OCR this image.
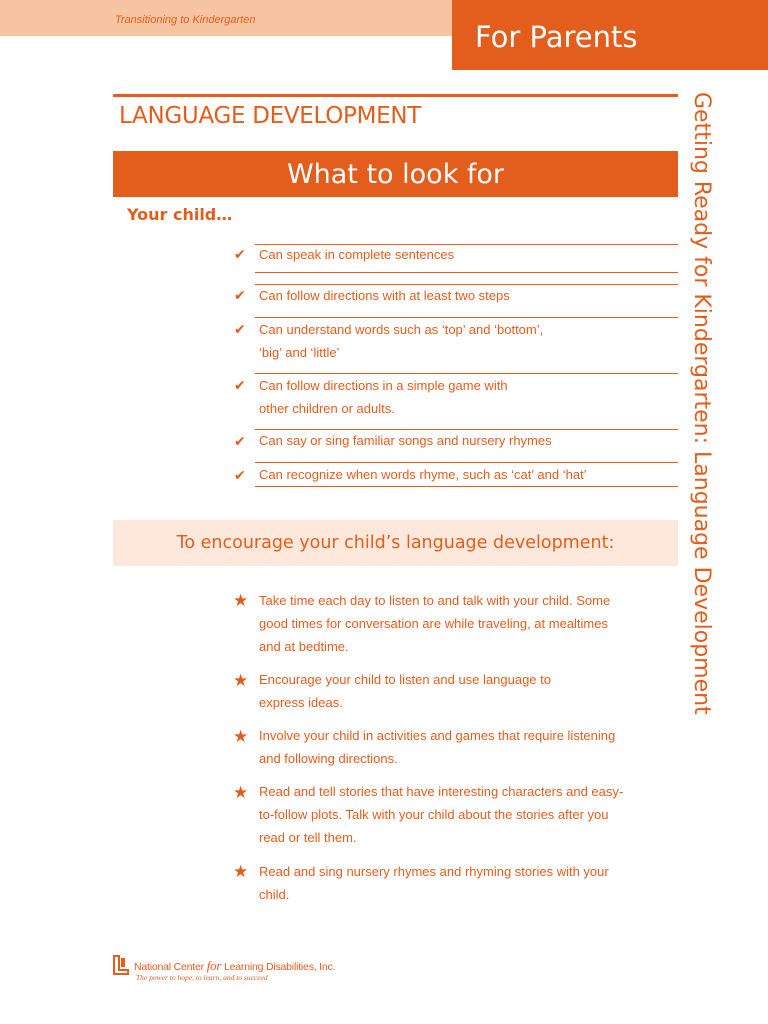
Transitioning to Kindergarten	For Parents
Getting Ready for Kindergarten: Language Development
LANGUAGE DEVELOPMENT
What to look for
Your child…
✔ Can speak in complete sentences
✔ Can follow directions with at least two steps
✔ Can understand words such as ‘top’ and ‘bottom’,
‘big’ and ‘little’
✔ Can follow directions in a simple game with
other children or adults.
✔ Can say or sing familiar songs and nursery rhymes
✔ Can recognize when words rhyme, such as ‘cat’ and ‘hat’
To encourage your child’s language development:
★ Take time each day to listen to and talk with your child. Some
good times for conversation are while traveling, at mealtimes
and at bedtime.
★ Encourage your child to listen and use language to
express ideas.
★ Involve your child in activities and games that require listening
and following directions.
★ Read and tell stories that have interesting characters and easy-
to-follow plots. Talk with your child about the stories after you
read or tell them.
★ Read and sing nursery rhymes and rhyming stories with your
child.
National Center for Learning Disabilities, Inc.
The power to hope, to learn, and to succeed
